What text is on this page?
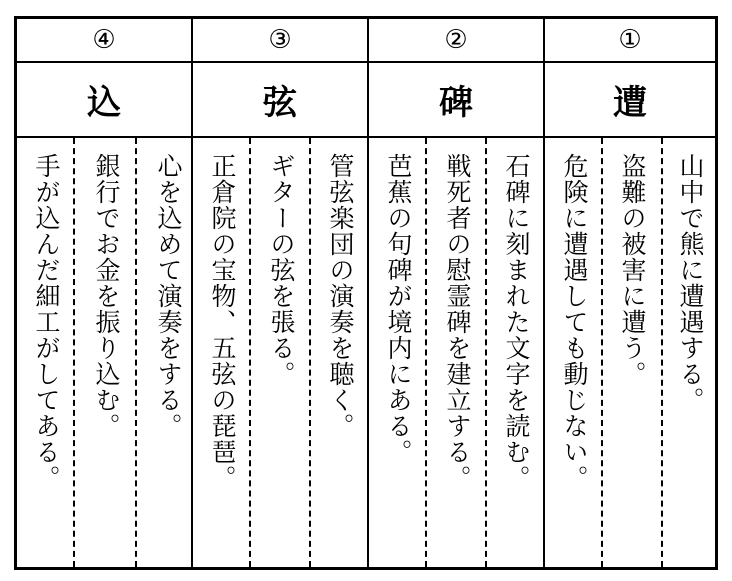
④
込
心を込めて演奏をする。
銀行でお金を振り込む。
手が込んだ細工がしてある。
③
弦
管弦楽団の演奏を聴く。
ギターの弦を張る。
正倉院の宝物、五弦の琵琶。
②
碑
石碑に刻まれた文字を読む。
戦死者の慰霊碑を建立する。
芭蕉の句碑が境内にある。
①
遭
山中で熊に遭遇する。
盗難の被害に遭う。
危険に遭遇しても動じない。
